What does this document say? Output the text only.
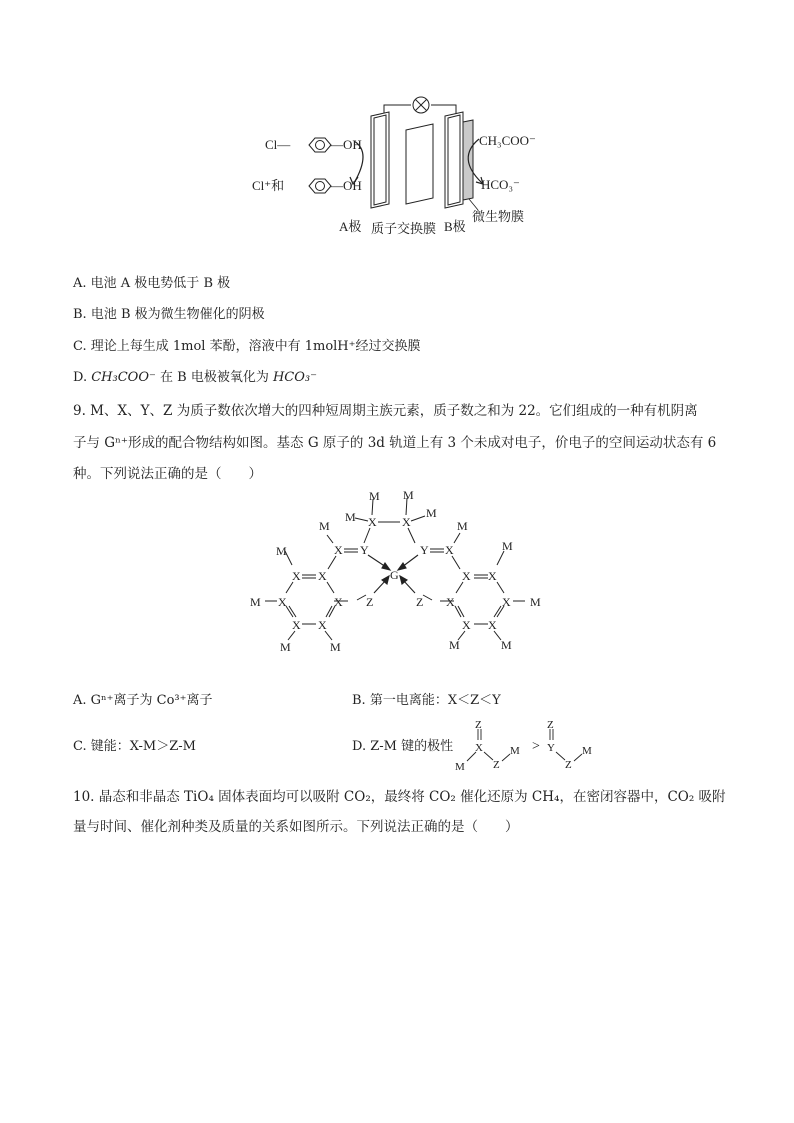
Cl—	—OH
Cl⁺和	—OH
CH₃COO⁻
HCO₃⁻
A极 质子交换膜 B极
微生物膜
A. 电池 A 极电势低于 B 极
B. 电池 B 极为微生物催化的阴极
C. 理论上每生成 1mol 苯酚，溶液中有 1molH⁺经过交换膜
D. CH₃COO⁻ 在 B 电极被氧化为 HCO₃⁻
9. M、X、Y、Z 为质子数依次增大的四种短周期主族元素，质子数之和为 22。它们组成的一种有机阴离
子与 Gⁿ⁺形成的配合物结构如图。基态 G 原子的 3d 轨道上有 3 个未成对电子，价电子的空间运动状态有 6
种。下列说法正确的是（　　）
M M
M	M
X X
M	M
X Y	Y X
M	M
G
X X	X X
M X	X Z	Z X	X M
X X	X X
M	M	M	M
A. Gⁿ⁺离子为 Co³⁺离子	B. 第一电离能：X＜Z＜Y
C. 键能：X-M＞Z-M	D. Z-M 键的极性
Z
X
M	Z
M >
Z
Y
Z
M
10. 晶态和非晶态 TiO₄ 固体表面均可以吸附 CO₂，最终将 CO₂ 催化还原为 CH₄，在密闭容器中，CO₂ 吸附
量与时间、催化剂种类及质量的关系如图所示。下列说法正确的是（　　）
